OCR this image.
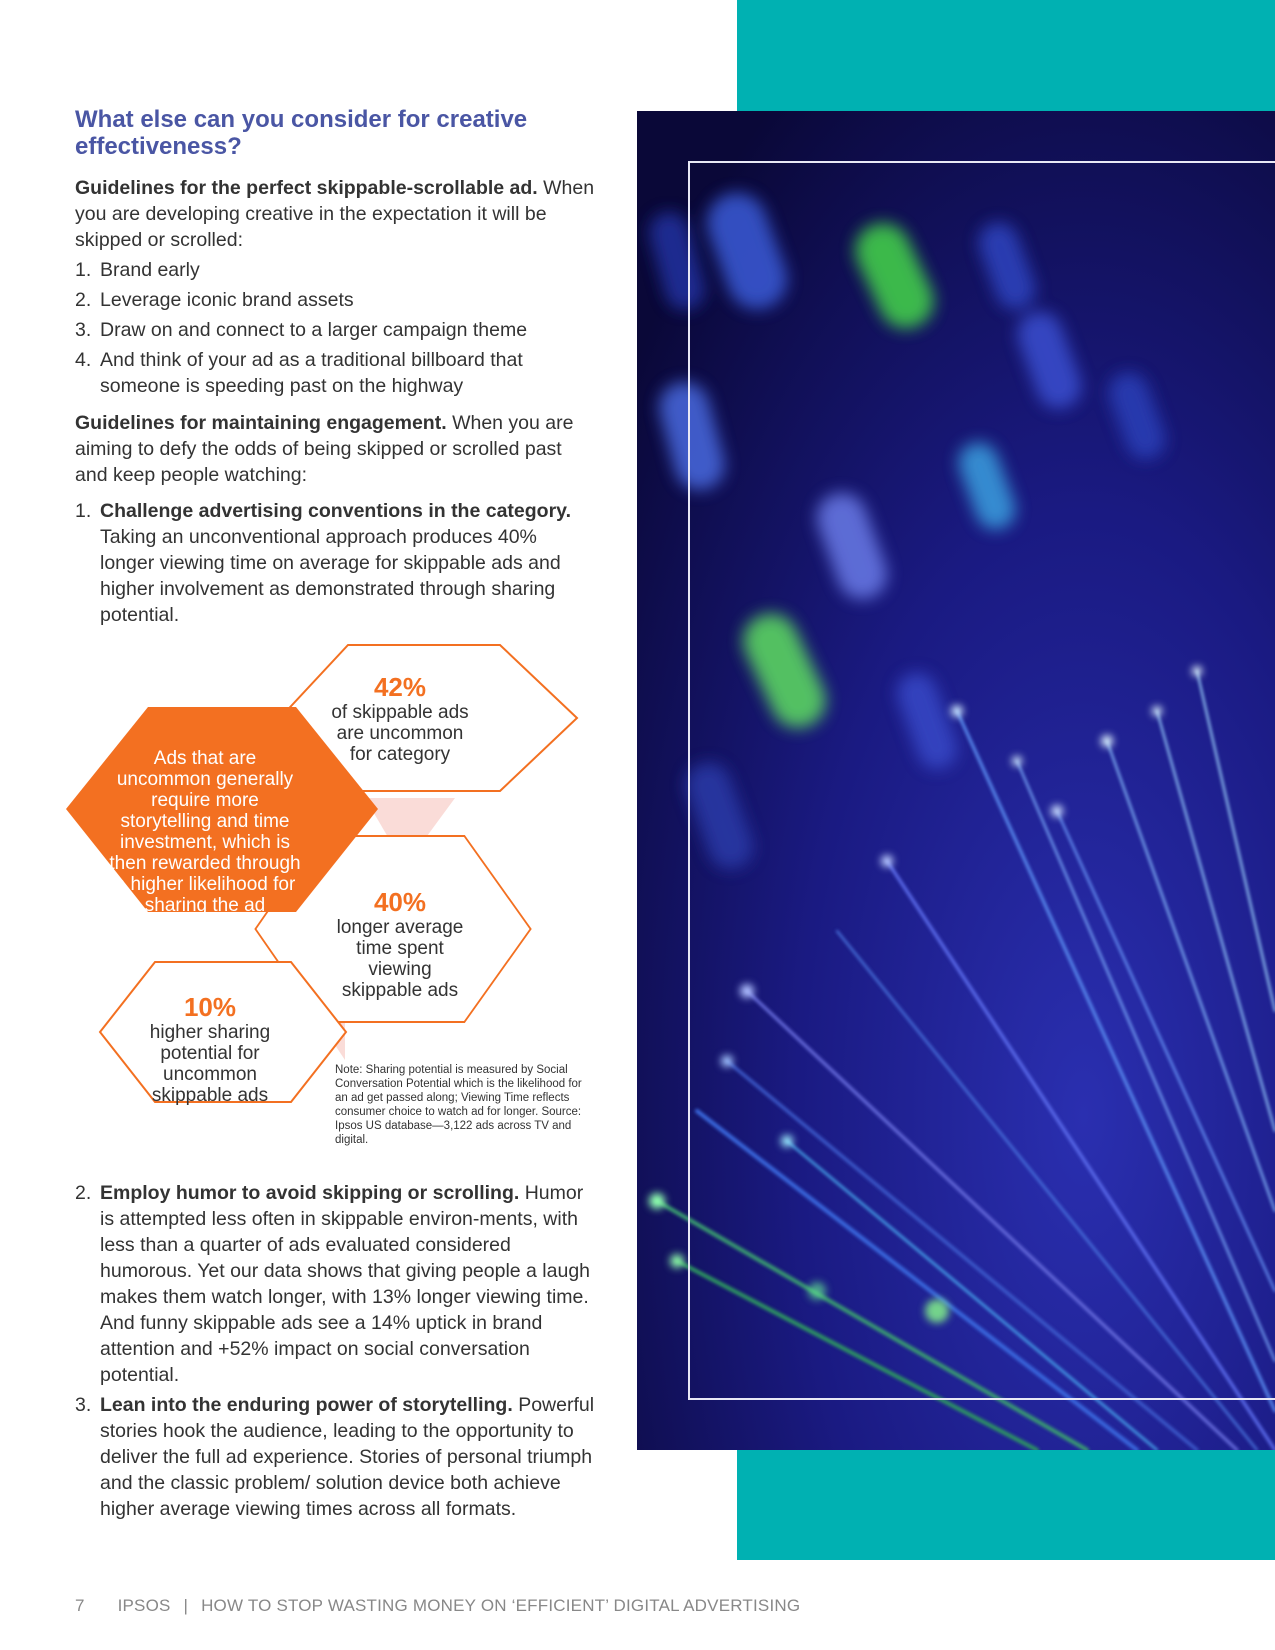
What else can you consider for creative effectiveness?

Guidelines for the perfect skippable-scrollable ad. When you are developing creative in the expectation it will be skipped or scrolled:

1. Brand early
2. Leverage iconic brand assets
3. Draw on and connect to a larger campaign theme
4. And think of your ad as a traditional billboard that someone is speeding past on the highway

Guidelines for maintaining engagement. When you are aiming to defy the odds of being skipped or scrolled past and keep people watching:

1. Challenge advertising conventions in the category. Taking an unconventional approach produces 40% longer viewing time on average for skippable ads and higher involvement as demonstrated through sharing potential.
42%
of skippable ads are uncommon for category
Ads that are uncommon generally require more storytelling and time investment, which is then rewarded through a higher likelihood for sharing the ad	40%
longer average time spent viewing skippable ads
10%
higher sharing potential for uncommon skippable ads
Note: Sharing potential is measured by Social Conversation Potential which is the likelihood for an ad get passed along; Viewing Time reflects consumer choice to watch ad for longer. Source: Ipsos US database—3,122 ads across TV and digital.
2. Employ humor to avoid skipping or scrolling. Humor is attempted less often in skippable environ-ments, with less than a quarter of ads evaluated considered humorous. Yet our data shows that giving people a laugh makes them watch longer, with 13% longer viewing time. And funny skippable ads see a 14% uptick in brand attention and +52% impact on social conversation potential.
3. Lean into the enduring power of storytelling. Powerful stories hook the audience, leading to the opportunity to deliver the full ad experience. Stories of personal triumph and the classic problem/ solution device both achieve higher average viewing times across all formats.
7 IPSOS | HOW TO STOP WASTING MONEY ON ‘EFFICIENT’ DIGITAL ADVERTISING
